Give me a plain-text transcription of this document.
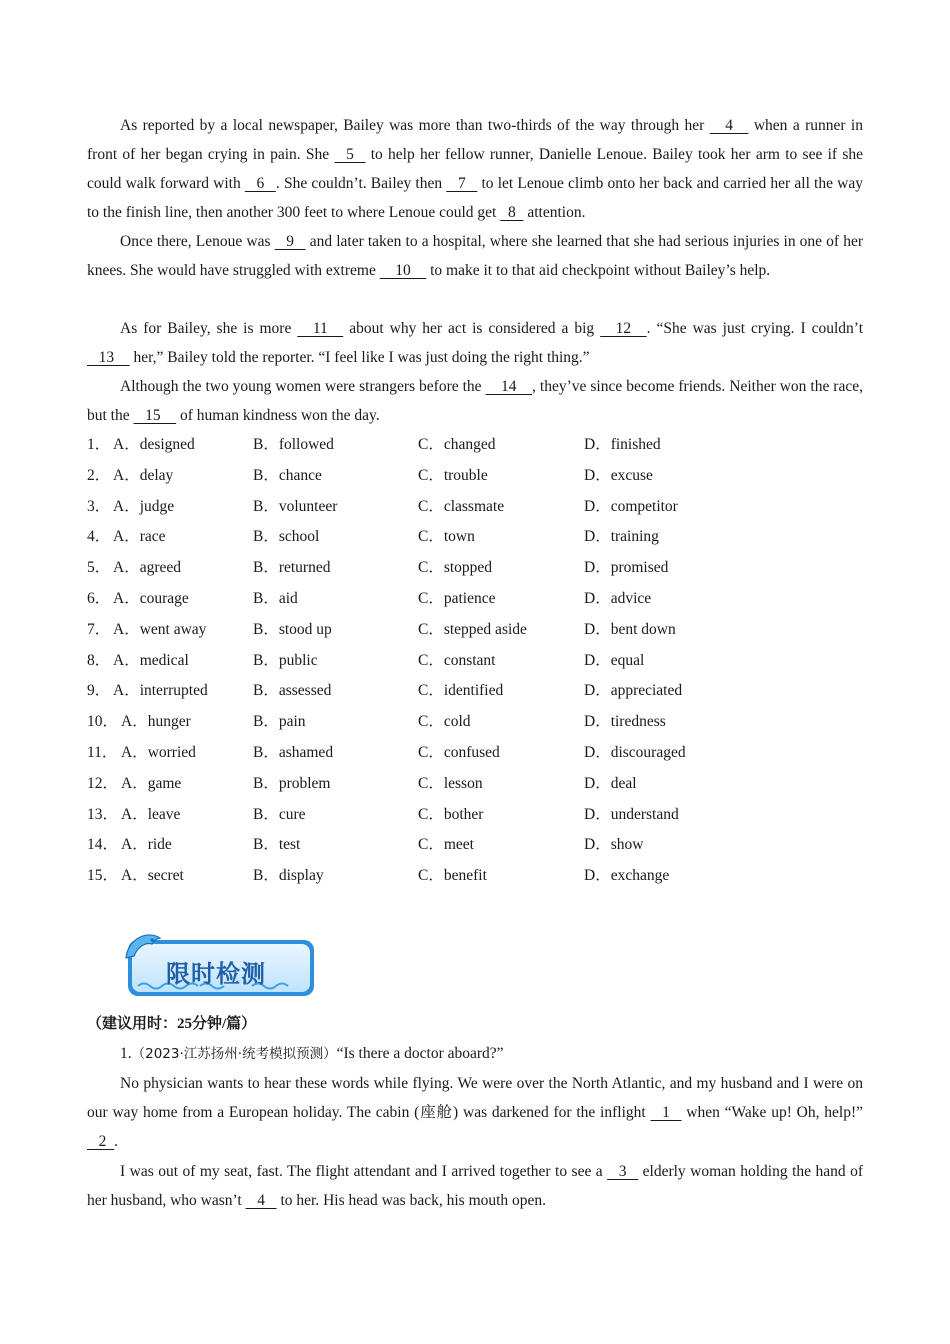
As reported by a local newspaper, Bailey was more than two-thirds of the way through her     4     when a runner in front of her began crying in pain. She    5    to help her fellow runner, Danielle Lenoue. Bailey took her arm to see if she could walk forward with    6   . She couldn’t. Bailey then    7    to let Lenoue climb onto her back and carried her all the way to the finish line, then another 300 feet to where Lenoue could get   8   attention.

Once there, Lenoue was    9    and later taken to a hospital, where she learned that she had serious injuries in one of her knees. She would have struggled with extreme     10     to make it to that aid checkpoint without Bailey’s help.

As for Bailey, she is more     11     about why her act is considered a big     12    . “She was just crying. I couldn’t    13     her,” Bailey told the reporter. “I feel like I was just doing the right thing.”

Although the two young women were strangers before the     14    , they’ve since become friends. Neither won the race, but the    15     of human kindness won the day.

1． A．designed	B．followed	C．changed	D．finished
2． A．delay	B．chance	C．trouble	D．excuse
3． A．judge	B．volunteer	C．classmate	D．competitor
4． A．race	B．school	C．town	D．training
5． A．agreed	B．returned	C．stopped	D．promised
6． A．courage	B．aid	C．patience	D．advice
7． A．went away	B．stood up	C．stepped aside	D．bent down
8． A．medical	B．public	C．constant	D．equal
9． A．interrupted	B．assessed	C．identified	D．appreciated
10． A．hunger	B．pain	C．cold	D．tiredness
11． A．worried	B．ashamed	C．confused	D．discouraged
12． A．game	B．problem	C．lesson	D．deal
13． A．leave	B．cure	C．bother	D．understand
14． A．ride	B．test	C．meet	D．show
15． A．secret	B．display	C．benefit	D．exchange
限时检测
（建议用时：25分钟/篇）
1.（2023·江苏扬州·统考模拟预测）“Is there a doctor aboard?”

No physician wants to hear these words while flying. We were over the North Atlantic, and my husband and I were on our way home from a European holiday. The cabin (座舱) was darkened for the inflight    1    when “Wake up! Oh, help!”    2  .

I was out of my seat, fast. The flight attendant and I arrived together to see a    3    elderly woman holding the hand of her husband, who wasn’t    4    to her. His head was back, his mouth open.
